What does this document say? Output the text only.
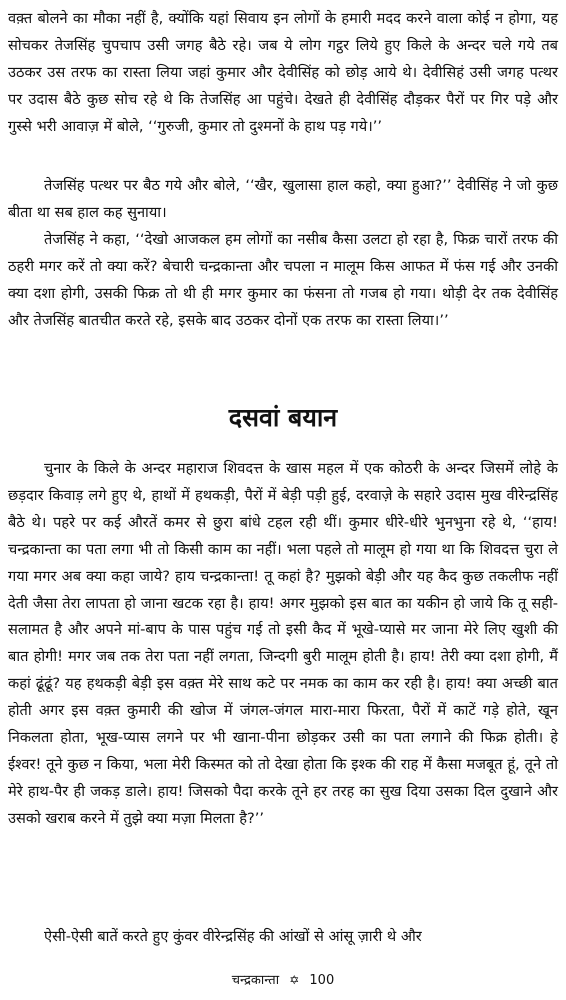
वक़्त बोलने का मौका नहीं है, क्योंकि यहां सिवाय इन लोगों के हमारी मदद करने वाला कोई न होगा, यह सोचकर तेजसिंह चुपचाप उसी जगह बैठे रहे। जब ये लोग गट्ठर लिये हुए किले के अन्दर चले गये तब उठकर उस तरफ का रास्ता लिया जहां कुमार और देवीसिंह को छोड़ आये थे। देवीसिहं उसी जगह पत्थर पर उदास बैठे कुछ सोच रहे थे कि तेजसिंह आ पहुंचे। देखते ही देवीसिंह दौड़कर पैरों पर गिर पड़े और गुस्से भरी आवाज़ में बोले, ‘‘गुरुजी, कुमार तो दुश्मनों के हाथ पड़ गये।’’

तेजसिंह पत्थर पर बैठ गये और बोले, ‘‘खैर, खुलासा हाल कहो, क्या हुआ?’’ देवीसिंह ने जो कुछ बीता था सब हाल कह सुनाया।

तेजसिंह ने कहा, ‘‘देखो आजकल हम लोगों का नसीब कैसा उलटा हो रहा है, फिक्र चारों तरफ की ठहरी मगर करें तो क्या करें? बेचारी चन्द्रकान्ता और चपला न मालूम किस आफत में फंस गई और उनकी क्या दशा होगी, उसकी फिक्र तो थी ही मगर कुमार का फंसना तो गजब हो गया। थोड़ी देर तक देवीसिंह और तेजसिंह बातचीत करते रहे, इसके बाद उठकर दोनों एक तरफ का रास्ता लिया।’’

दसवां बयान

चुनार के किले के अन्दर महाराज शिवदत्त के खास महल में एक कोठरी के अन्दर जिसमें लोहे के छड़दार किवाड़ लगे हुए थे, हाथों में हथकड़ी, पैरों में बेड़ी पड़ी हुई, दरवाज़े के सहारे उदास मुख वीरेन्द्रसिंह बैठे थे। पहरे पर कई औरतें कमर से छुरा बांधे टहल रही थीं। कुमार धीरे-धीरे भुनभुना रहे थे, ‘‘हाय! चन्द्रकान्ता का पता लगा भी तो किसी काम का नहीं। भला पहले तो मालूम हो गया था कि शिवदत्त चुरा ले गया मगर अब क्या कहा जाये? हाय चन्द्रकान्ता! तू कहां है? मुझको बेड़ी और यह कैद कुछ तकलीफ नहीं देती जैसा तेरा लापता हो जाना खटक रहा है। हाय! अगर मुझको इस बात का यकीन हो जाये कि तू सही-सलामत है और अपने मां-बाप के पास पहुंच गई तो इसी कैद में भूखे-प्यासे मर जाना मेरे लिए खुशी की बात होगी! मगर जब तक तेरा पता नहीं लगता, जिन्दगी बुरी मालूम होती है। हाय! तेरी क्या दशा होगी, मैं कहां ढूंढूं? यह हथकड़ी बेड़ी इस वक़्त मेरे साथ कटे पर नमक का काम कर रही है। हाय! क्या अच्छी बात होती अगर इस वक़्त कुमारी की खोज में जंगल-जंगल मारा-मारा फिरता, पैरों में काटें गड़े होते, खून निकलता होता, भूख-प्यास लगने पर भी खाना-पीना छोड़कर उसी का पता लगाने की फिक्र होती। हे ईश्वर! तूने कुछ न किया, भला मेरी किस्मत को तो देखा होता कि इश्क की राह में कैसा मजबूत हूं, तूने तो मेरे हाथ-पैर ही जकड़ डाले। हाय! जिसको पैदा करके तूने हर तरह का सुख दिया उसका दिल दुखाने और उसको खराब करने में तुझे क्या मज़ा मिलता है?’’

ऐसी-ऐसी बातें करते हुए कुंवर वीरेन्द्रसिंह की आंखों से आंसू ज़ारी थे और

चन्द्रकान्ता ✡ 100
